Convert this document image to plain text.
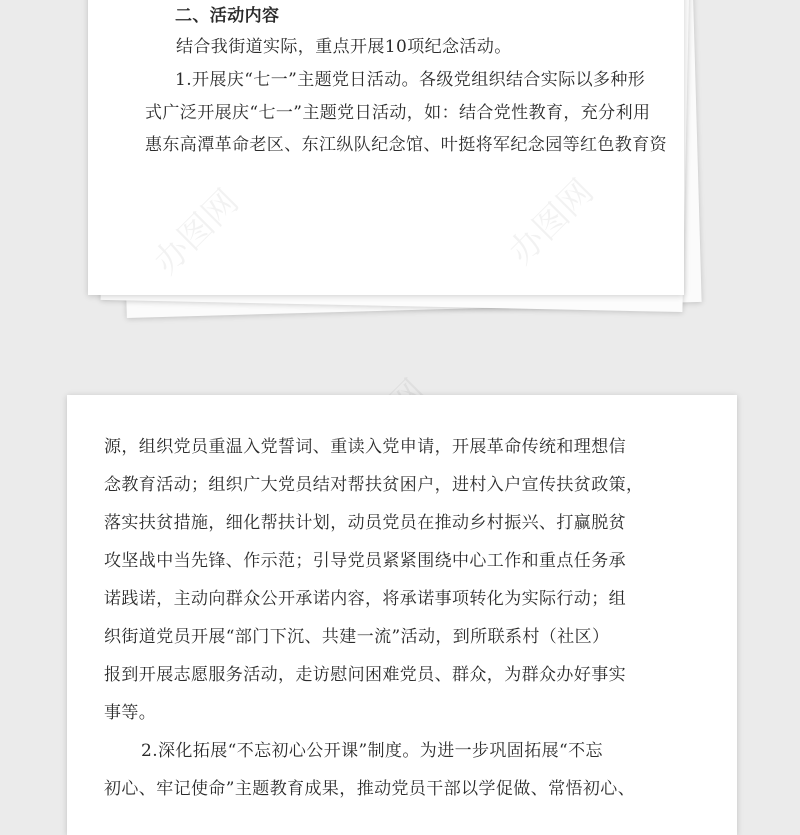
二、活动内容
结合我街道实际，重点开展10项纪念活动。
1.开展庆“七一”主题党日活动。各级党组织结合实际以多种形
式广泛开展庆“七一”主题党日活动，如：结合党性教育，充分利用
惠东高潭革命老区、东江纵队纪念馆、叶挺将军纪念园等红色教育资
办图网	办图网
源，组织党员重温入党誓词、重读入党申请，开展革命传统和理想信
念教育活动；组织广大党员结对帮扶贫困户，进村入户宣传扶贫政策，
落实扶贫措施，细化帮扶计划，动员党员在推动乡村振兴、打赢脱贫
攻坚战中当先锋、作示范；引导党员紧紧围绕中心工作和重点任务承
诺践诺，主动向群众公开承诺内容，将承诺事项转化为实际行动；组
织街道党员开展“部门下沉、共建一流”活动，到所联系村（社区）
报到开展志愿服务活动，走访慰问困难党员、群众，为群众办好事实
事等。
2.深化拓展“不忘初心公开课”制度。为进一步巩固拓展“不忘
初心、牢记使命”主题教育成果，推动党员干部以学促做、常悟初心、
